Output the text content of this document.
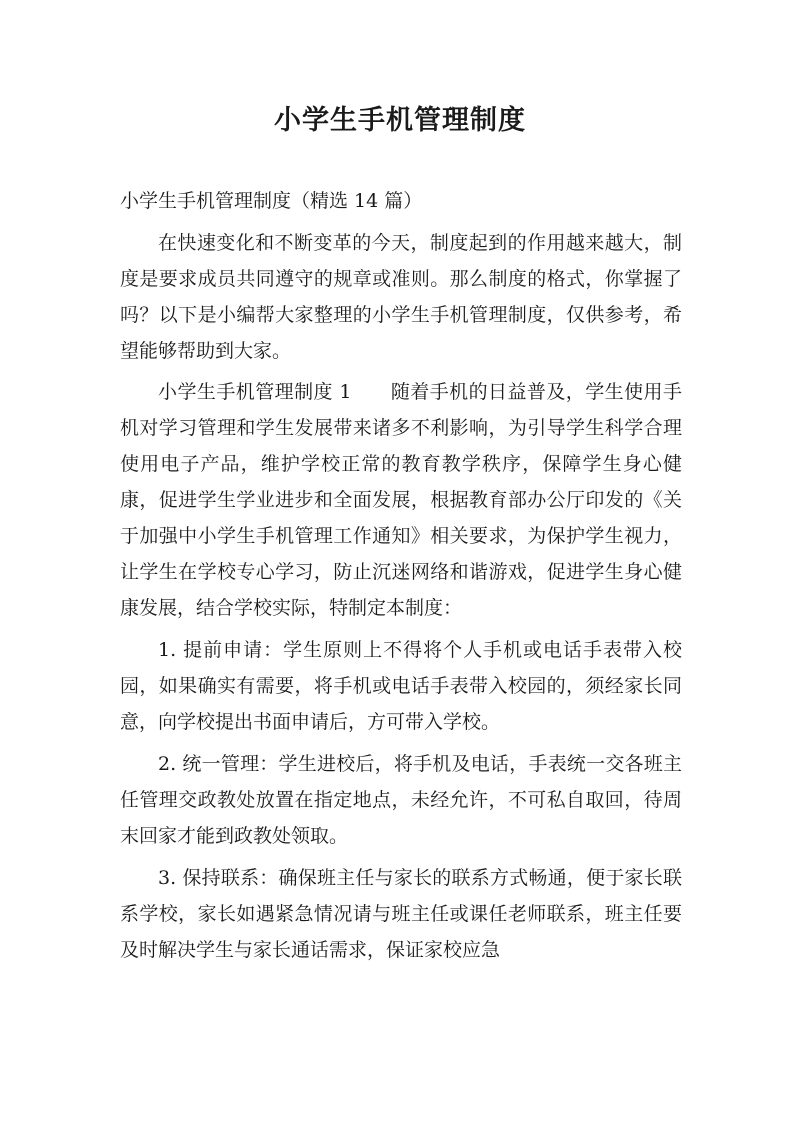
小学生手机管理制度

小学生手机管理制度（精选 14 篇）

在快速变化和不断变革的今天，制度起到的作用越来越大，制度是要求成员共同遵守的规章或准则。那么制度的格式，你掌握了吗？以下是小编帮大家整理的小学生手机管理制度，仅供参考，希望能够帮助到大家。

小学生手机管理制度 1　　随着手机的日益普及，学生使用手机对学习管理和学生发展带来诸多不利影响，为引导学生科学合理使用电子产品，维护学校正常的教育教学秩序，保障学生身心健康，促进学生学业进步和全面发展，根据教育部办公厅印发的《关于加强中小学生手机管理工作通知》相关要求，为保护学生视力，让学生在学校专心学习，防止沉迷网络和谐游戏，促进学生身心健康发展，结合学校实际，特制定本制度：

1. 提前申请：学生原则上不得将个人手机或电话手表带入校园，如果确实有需要，将手机或电话手表带入校园的，须经家长同意，向学校提出书面申请后，方可带入学校。

2. 统一管理：学生进校后，将手机及电话，手表统一交各班主任管理交政教处放置在指定地点，未经允许，不可私自取回，待周末回家才能到政教处领取。

3. 保持联系：确保班主任与家长的联系方式畅通，便于家长联系学校，家长如遇紧急情况请与班主任或课任老师联系，班主任要及时解决学生与家长通话需求，保证家校应急
